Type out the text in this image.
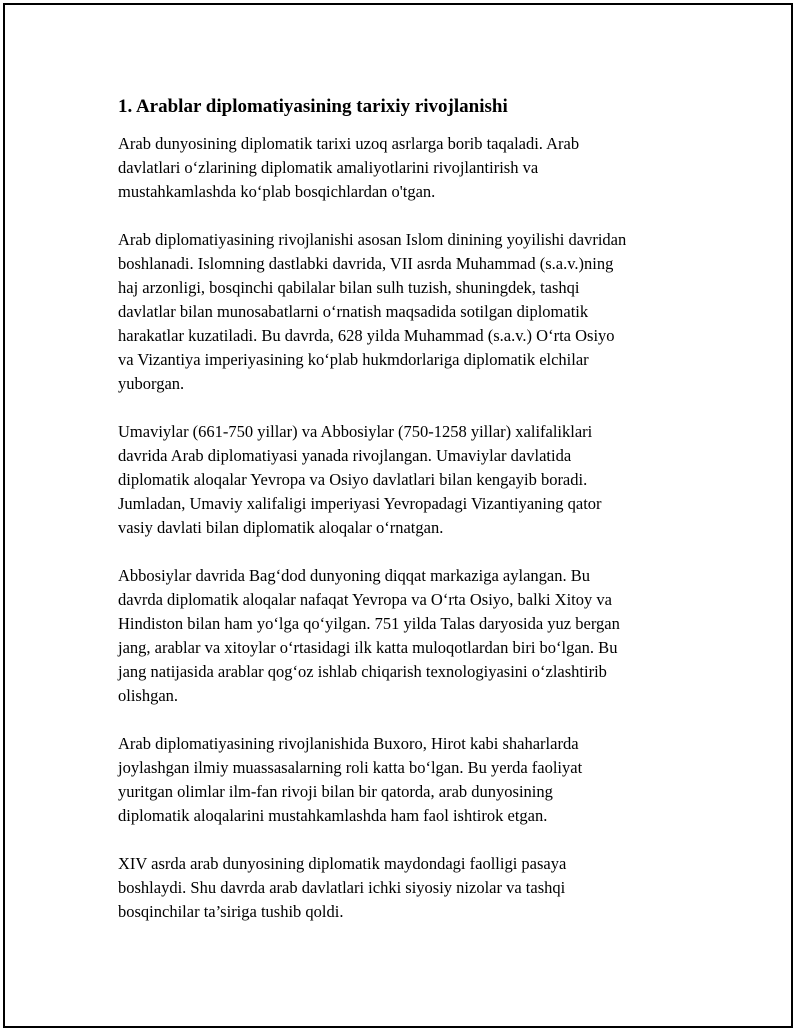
1. Arablar diplomatiyasining tarixiy rivojlanishi

Arab dunyosining diplomatik tarixi uzoq asrlarga borib taqaladi. Arab
davlatlari o‘zlarining diplomatik amaliyotlarini rivojlantirish va
mustahkamlashda ko‘plab bosqichlardan o'tgan.

Arab diplomatiyasining rivojlanishi asosan Islom dinining yoyilishi davridan
boshlanadi. Islomning dastlabki davrida, VII asrda Muhammad (s.a.v.)ning
haj arzonligi, bosqinchi qabilalar bilan sulh tuzish, shuningdek, tashqi
davlatlar bilan munosabatlarni o‘rnatish maqsadida sotilgan diplomatik
harakatlar kuzatiladi. Bu davrda, 628 yilda Muhammad (s.a.v.) O‘rta Osiyo
va Vizantiya imperiyasining ko‘plab hukmdorlariga diplomatik elchilar
yuborgan.

Umaviylar (661-750 yillar) va Abbosiylar (750-1258 yillar) xalifaliklari
davrida Arab diplomatiyasi yanada rivojlangan. Umaviylar davlatida
diplomatik aloqalar Yevropa va Osiyo davlatlari bilan kengayib boradi.
Jumladan, Umaviy xalifaligi imperiyasi Yevropadagi Vizantiyaning qator
vasiy davlati bilan diplomatik aloqalar o‘rnatgan.

Abbosiylar davrida Bag‘dod dunyoning diqqat markaziga aylangan. Bu
davrda diplomatik aloqalar nafaqat Yevropa va O‘rta Osiyo, balki Xitoy va
Hindiston bilan ham yo‘lga qo‘yilgan. 751 yilda Talas daryosida yuz bergan
jang, arablar va xitoylar o‘rtasidagi ilk katta muloqotlardan biri bo‘lgan. Bu
jang natijasida arablar qog‘oz ishlab chiqarish texnologiyasini o‘zlashtirib
olishgan.

Arab diplomatiyasining rivojlanishida Buxoro, Hirot kabi shaharlarda
joylashgan ilmiy muassasalarning roli katta bo‘lgan. Bu yerda faoliyat
yuritgan olimlar ilm-fan rivoji bilan bir qatorda, arab dunyosining
diplomatik aloqalarini mustahkamlashda ham faol ishtirok etgan.

XIV asrda arab dunyosining diplomatik maydondagi faolligi pasaya
boshlaydi. Shu davrda arab davlatlari ichki siyosiy nizolar va tashqi
bosqinchilar ta’siriga tushib qoldi.
